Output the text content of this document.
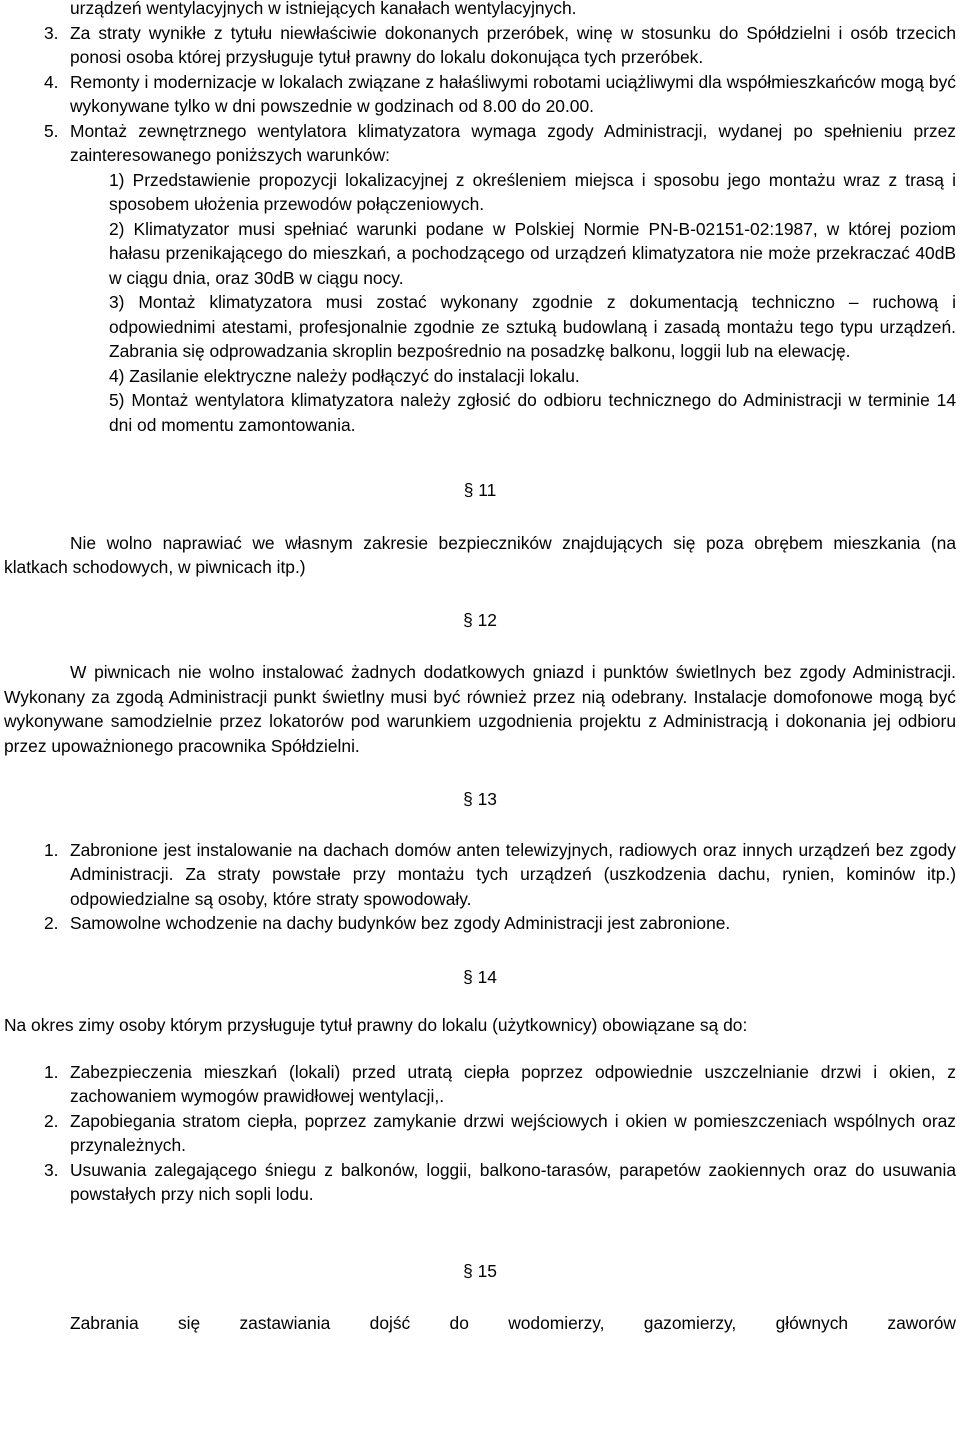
urządzeń wentylacyjnych w istniejących kanałach wentylacyjnych.

3. Za straty wynikłe z tytułu niewłaściwie dokonanych przeróbek, winę w stosunku do Spółdzielni i osób trzecich ponosi osoba której przysługuje tytuł prawny do lokalu dokonująca tych przeróbek.

4. Remonty i modernizacje w lokalach związane z hałaśliwymi robotami uciążliwymi dla współmieszkańców mogą być wykonywane tylko w dni powszednie w godzinach od 8.00 do 20.00.

5. Montaż zewnętrznego wentylatora klimatyzatora wymaga zgody Administracji, wydanej po spełnieniu przez zainteresowanego poniższych warunków:

1) Przedstawienie propozycji lokalizacyjnej z określeniem miejsca i sposobu jego montażu wraz z trasą i sposobem ułożenia przewodów połączeniowych.

2) Klimatyzator musi spełniać warunki podane w Polskiej Normie PN-B-02151-02:1987, w której poziom hałasu przenikającego do mieszkań, a pochodzącego od urządzeń klimatyzatora nie może przekraczać 40dB w ciągu dnia, oraz 30dB w ciągu nocy.

3) Montaż klimatyzatora musi zostać wykonany zgodnie z dokumentacją techniczno – ruchową i odpowiednimi atestami, profesjonalnie zgodnie ze sztuką budowlaną i zasadą montażu tego typu urządzeń. Zabrania się odprowadzania skroplin bezpośrednio na posadzkę balkonu, loggii lub na elewację.

4) Zasilanie elektryczne należy podłączyć do instalacji lokalu.

5) Montaż wentylatora klimatyzatora należy zgłosić do odbioru technicznego do Administracji w terminie 14 dni od momentu zamontowania.

§ 11

Nie wolno naprawiać we własnym zakresie bezpieczników znajdujących się poza obrębem mieszkania (na klatkach schodowych, w piwnicach itp.)

§ 12

W piwnicach nie wolno instalować żadnych dodatkowych gniazd i punktów świetlnych bez zgody Administracji. Wykonany za zgodą Administracji punkt świetlny musi być również przez nią odebrany. Instalacje domofonowe mogą być wykonywane samodzielnie przez lokatorów pod warunkiem uzgodnienia projektu z Administracją i dokonania jej odbioru przez upoważnionego pracownika Spółdzielni.

§ 13

1. Zabronione jest instalowanie na dachach domów anten telewizyjnych, radiowych oraz innych urządzeń bez zgody Administracji. Za straty powstałe przy montażu tych urządzeń (uszkodzenia dachu, rynien, kominów itp.) odpowiedzialne są osoby, które straty spowodowały.

2. Samowolne wchodzenie na dachy budynków bez zgody Administracji jest zabronione.

§ 14

Na okres zimy osoby którym przysługuje tytuł prawny do lokalu (użytkownicy) obowiązane są do:

1. Zabezpieczenia mieszkań (lokali) przed utratą ciepła poprzez odpowiednie uszczelnianie drzwi i okien, z zachowaniem wymogów prawidłowej wentylacji,.

2. Zapobiegania stratom ciepła, poprzez zamykanie drzwi wejściowych i okien w pomieszczeniach wspólnych oraz przynależnych.

3. Usuwania zalegającego śniegu z balkonów, loggii, balkono-tarasów, parapetów zaokiennych oraz do usuwania powstałych przy nich sopli lodu.

§ 15

Zabrania się zastawiania dojść do wodomierzy, gazomierzy, głównych zaworów
